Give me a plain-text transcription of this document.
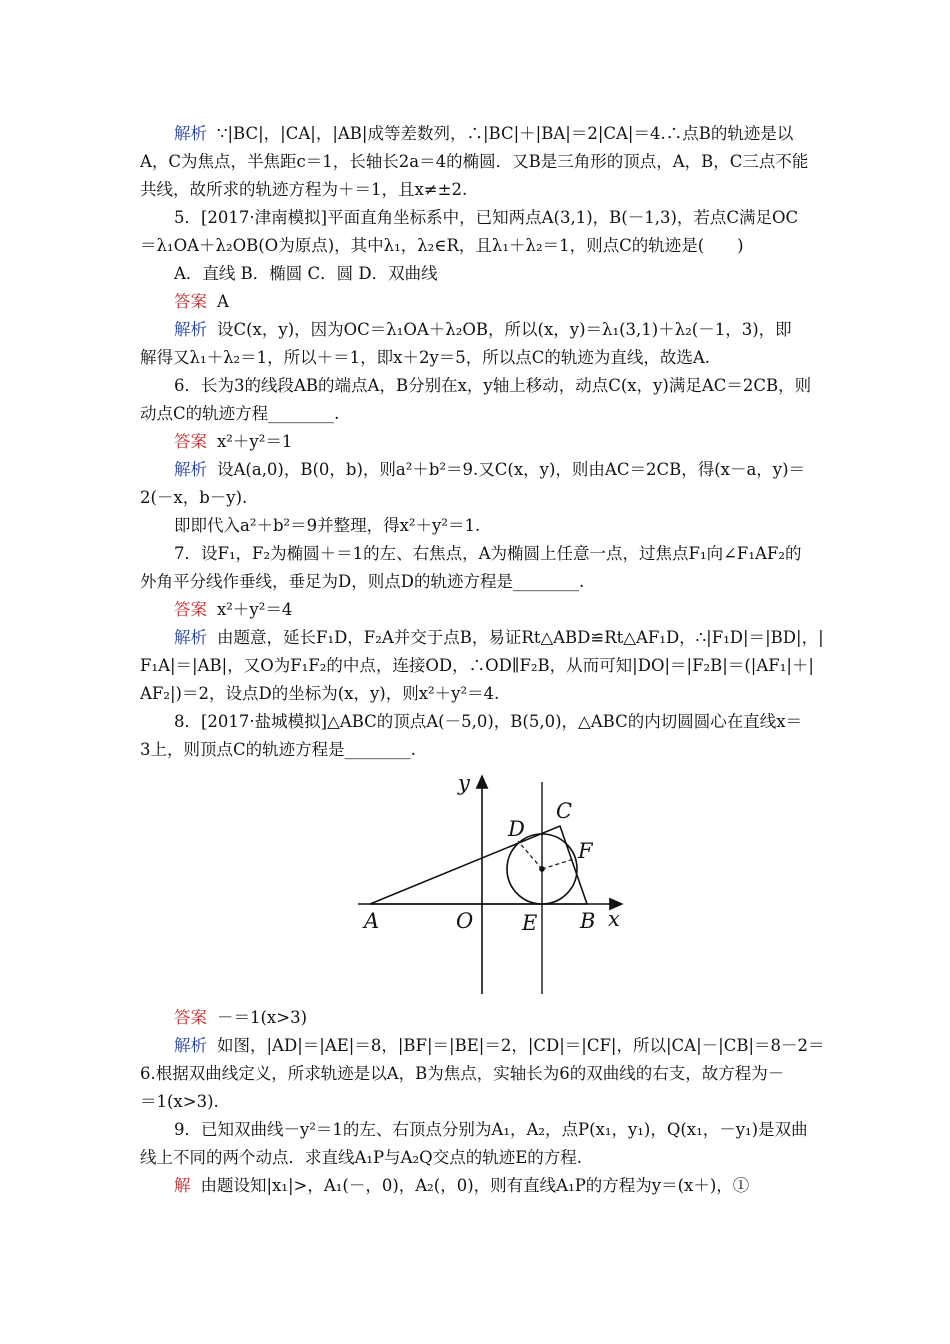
解析 ∵|BC|，|CA|，|AB|成等差数列，∴|BC|＋|BA|＝2|CA|＝4.∴点B的轨迹是以
A，C为焦点，半焦距c＝1，长轴长2a＝4的椭圆．又B是三角形的顶点，A，B，C三点不能
共线，故所求的轨迹方程为＋＝1，且x≠±2.
5．[2017·津南模拟]平面直角坐标系中，已知两点A(3,1)，B(－1,3)，若点C满足OC
＝λ₁OA＋λ₂OB(O为原点)，其中λ₁，λ₂∈R，且λ₁＋λ₂＝1，则点C的轨迹是(　　)
A．直线 B．椭圆 C．圆 D．双曲线
答案 A
解析 设C(x，y)，因为OC＝λ₁OA＋λ₂OB，所以(x，y)＝λ₁(3,1)＋λ₂(－1，3)，即
解得又λ₁＋λ₂＝1，所以＋＝1，即x＋2y＝5，所以点C的轨迹为直线，故选A.
6．长为3的线段AB的端点A，B分别在x，y轴上移动，动点C(x，y)满足AC＝2CB，则
动点C的轨迹方程________.
答案 x²＋y²＝1
解析 设A(a,0)，B(0，b)，则a²＋b²＝9.又C(x，y)，则由AC＝2CB，得(x－a，y)＝
2(－x，b－y).
即即代入a²＋b²＝9并整理，得x²＋y²＝1.
7．设F₁，F₂为椭圆＋＝1的左、右焦点，A为椭圆上任意一点，过焦点F₁向∠F₁AF₂的
外角平分线作垂线，垂足为D，则点D的轨迹方程是________.
答案 x²＋y²＝4
解析 由题意，延长F₁D，F₂A并交于点B，易证Rt△ABD≌Rt△AF₁D，∴|F₁D|＝|BD|，|
F₁A|＝|AB|，又O为F₁F₂的中点，连接OD，∴OD∥F₂B，从而可知|DO|＝|F₂B|＝(|AF₁|＋|
AF₂|)＝2，设点D的坐标为(x，y)，则x²＋y²＝4.
8．[2017·盐城模拟]△ABC的顶点A(－5,0)，B(5,0)，△ABC的内切圆圆心在直线x＝
3上，则顶点C的轨迹方程是________.
y
x
A	O E B
C
D
F
答案 －＝1(x>3)
解析 如图，|AD|＝|AE|＝8，|BF|＝|BE|＝2，|CD|＝|CF|，所以|CA|－|CB|＝8－2＝
6.根据双曲线定义，所求轨迹是以A，B为焦点，实轴长为6的双曲线的右支，故方程为－
＝1(x>3).
9．已知双曲线－y²＝1的左、右顶点分别为A₁，A₂，点P(x₁，y₁)，Q(x₁，－y₁)是双曲
线上不同的两个动点．求直线A₁P与A₂Q交点的轨迹E的方程.
解 由题设知|x₁|>，A₁(－，0)，A₂(，0)，则有直线A₁P的方程为y＝(x＋)，①
